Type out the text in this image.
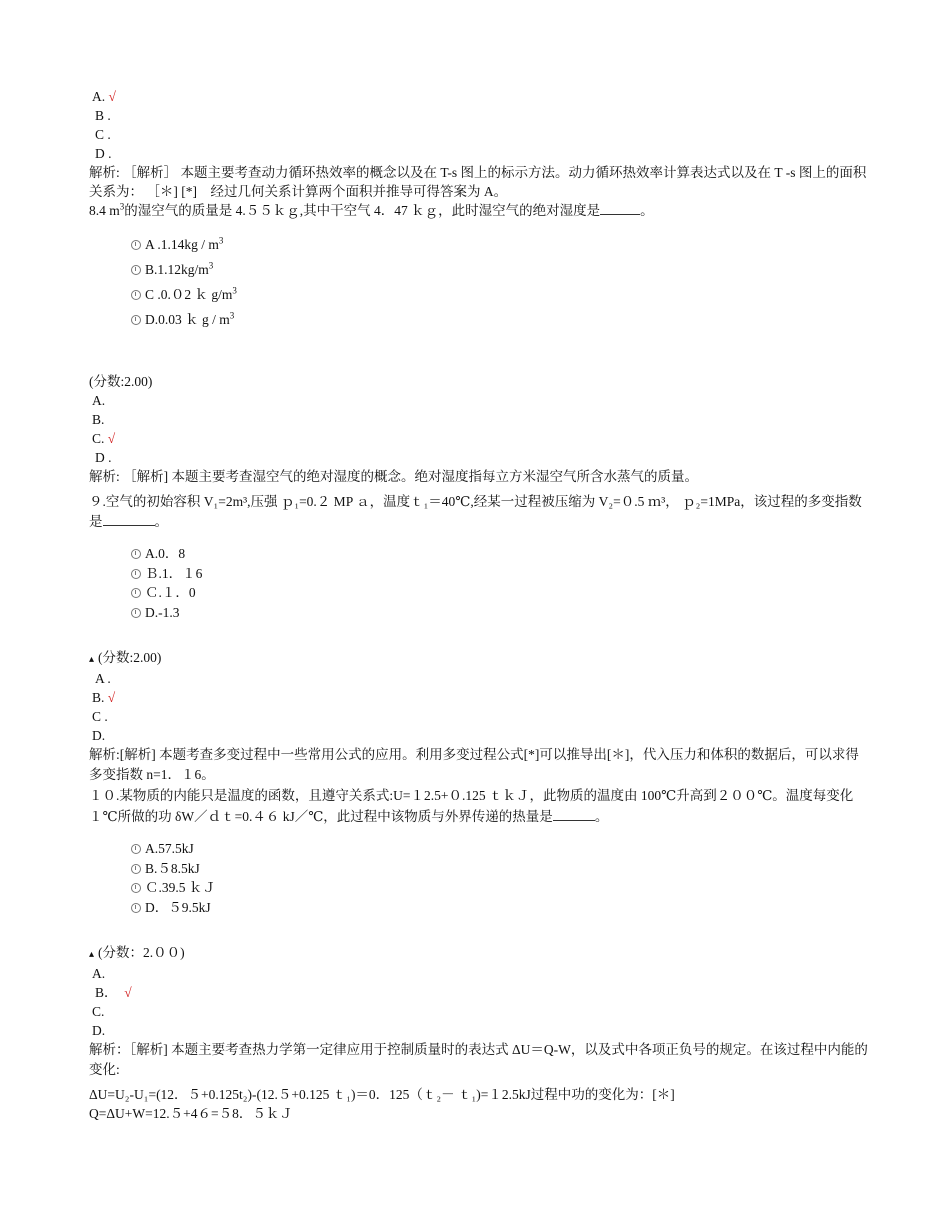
A. √
B .
C .
D .
解析: ［解析］ 本题主要考查动力循环热效率的概念以及在 T-s 图上的标示方法。动力循环热效率计算表达式以及在 T -s 图上的面积关系为： ［＊] [*]　经过几何关系计算两个面积并推导可得答案为 A。
8.4 $m^3$的湿空气的质量是 4.５５ｋｇ,其中干空气 4．47 ｋｇ，此时湿空气的绝对湿度是	。
A $.1.14kg / m^3$
$B.1.12kg/m^3$
C .0.０2 ｋ $g/m^3$
D.0.03 ｋ g / $m^3$
(分数:2.00)
A.
B.
C. √
D .
解析: ［解析] 本题主要考查湿空气的绝对湿度的概念。绝对湿度指每立方米湿空气所含水蒸气的质量。
９.空气的初始容积 V₁=2m³,压强 ｐ₁=0.２ MP ａ，温度ｔ₁＝40℃,经某一过程被压缩为 V₂=０.5 ｍ³， ｐ₂=1MPa，该过程的多变指数是	。
A.0．8
Ｂ.1．１6
Ｃ.１．0
D.-1.3
▴ (分数:2.00)
A .
B. √
C .
D.
解析:[解析] 本题考查多变过程中一些常用公式的应用。利用多变过程公式[*]可以推导出[＊]，代入压力和体积的数据后，可以求得多变指数 n=1．１6。
１０.某物质的内能只是温度的函数，且遵守关系式:U=１2.5+０.125 ｔｋＪ，此物质的温度由 100℃升高到２００℃。温度每变化１℃所做的功 δW／ｄｔ=0.４６ kJ／℃，此过程中该物质与外界传递的热量是	。
A.57.5kJ
B.５8.5kJ
Ｃ.39.5 ｋＪ
D．５9.5kJ
▴ (分数：2.００)
A.
B． √
C.
D.
解析：［解析] 本题主要考查热力学第一定律应用于控制质量时的表达式 ΔU＝Q-W，以及式中各项正负号的规定。在该过程中内能的变化:
ΔU=U₂-U₁=(12．５+0.125t₂)-(12.５+0.125 ｔ₁)＝0．125（ｔ₂－ ｔ₁)=１2.5kJ过程中功的变化为：[＊]
Q=ΔU+W=12.５+4６=５8．５ｋＪ
